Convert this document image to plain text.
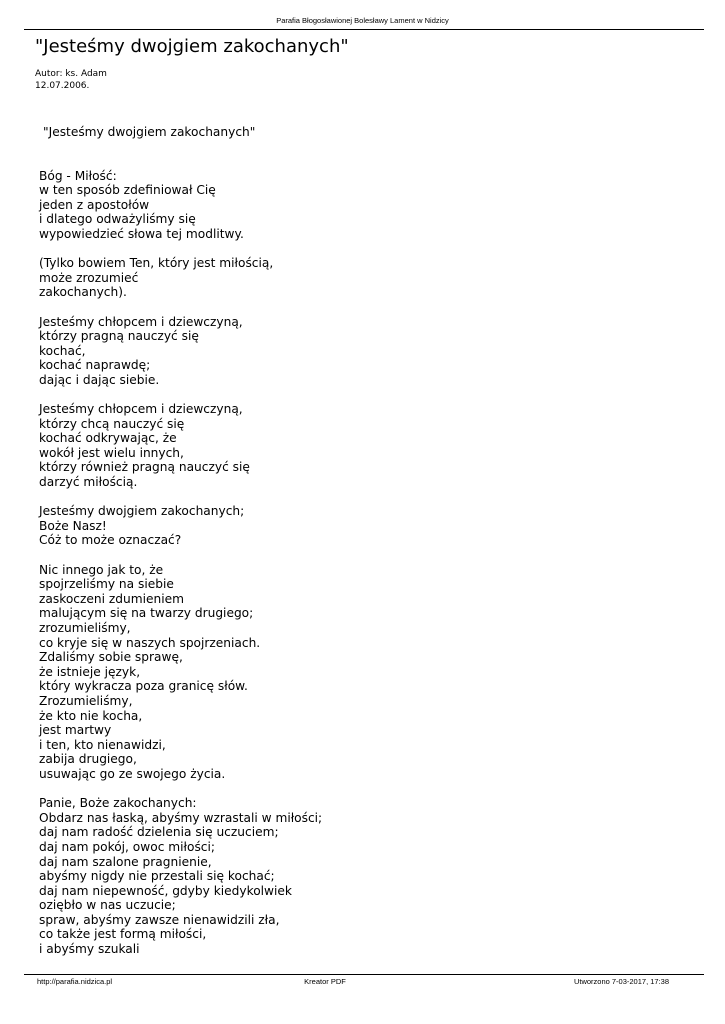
Parafia Błogosławionej Bolesławy Lament w Nidzicy
"Jesteśmy dwojgiem zakochanych"
Autor: ks. Adam
12.07.2006.
"Jesteśmy dwojgiem zakochanych"
Bóg - Miłość:
w ten sposób zdefiniował Cię
jeden z apostołów
i dlatego odważyliśmy się
wypowiedzieć słowa tej modlitwy.
(Tylko bowiem Ten, który jest miłością,
może zrozumieć
zakochanych).
Jesteśmy chłopcem i dziewczyną,
którzy pragną nauczyć się
kochać,
kochać naprawdę;
dając i dając siebie.
Jesteśmy chłopcem i dziewczyną,
którzy chcą nauczyć się
kochać odkrywając, że
wokół jest wielu innych,
którzy również pragną nauczyć się
darzyć miłością.
Jesteśmy dwojgiem zakochanych;
Boże Nasz!
Cóż to może oznaczać?
Nic innego jak to, że
spojrzeliśmy na siebie
zaskoczeni zdumieniem
malującym się na twarzy drugiego;
zrozumieliśmy,
co kryje się w naszych spojrzeniach.
Zdaliśmy sobie sprawę,
że istnieje język,
który wykracza poza granicę słów.
Zrozumieliśmy,
że kto nie kocha,
jest martwy
i ten, kto nienawidzi,
zabija drugiego,
usuwając go ze swojego życia.
Panie, Boże zakochanych:
Obdarz nas łaską, abyśmy wzrastali w miłości;
daj nam radość dzielenia się uczuciem;
daj nam pokój, owoc miłości;
daj nam szalone pragnienie,
abyśmy nigdy nie przestali się kochać;
daj nam niepewność, gdyby kiedykolwiek
oziębło w nas uczucie;
spraw, abyśmy zawsze nienawidzili zła,
co także jest formą miłości,
i abyśmy szukali
http://parafia.nidzica.pl	Kreator PDF	Utworzono 7-03-2017, 17:38
